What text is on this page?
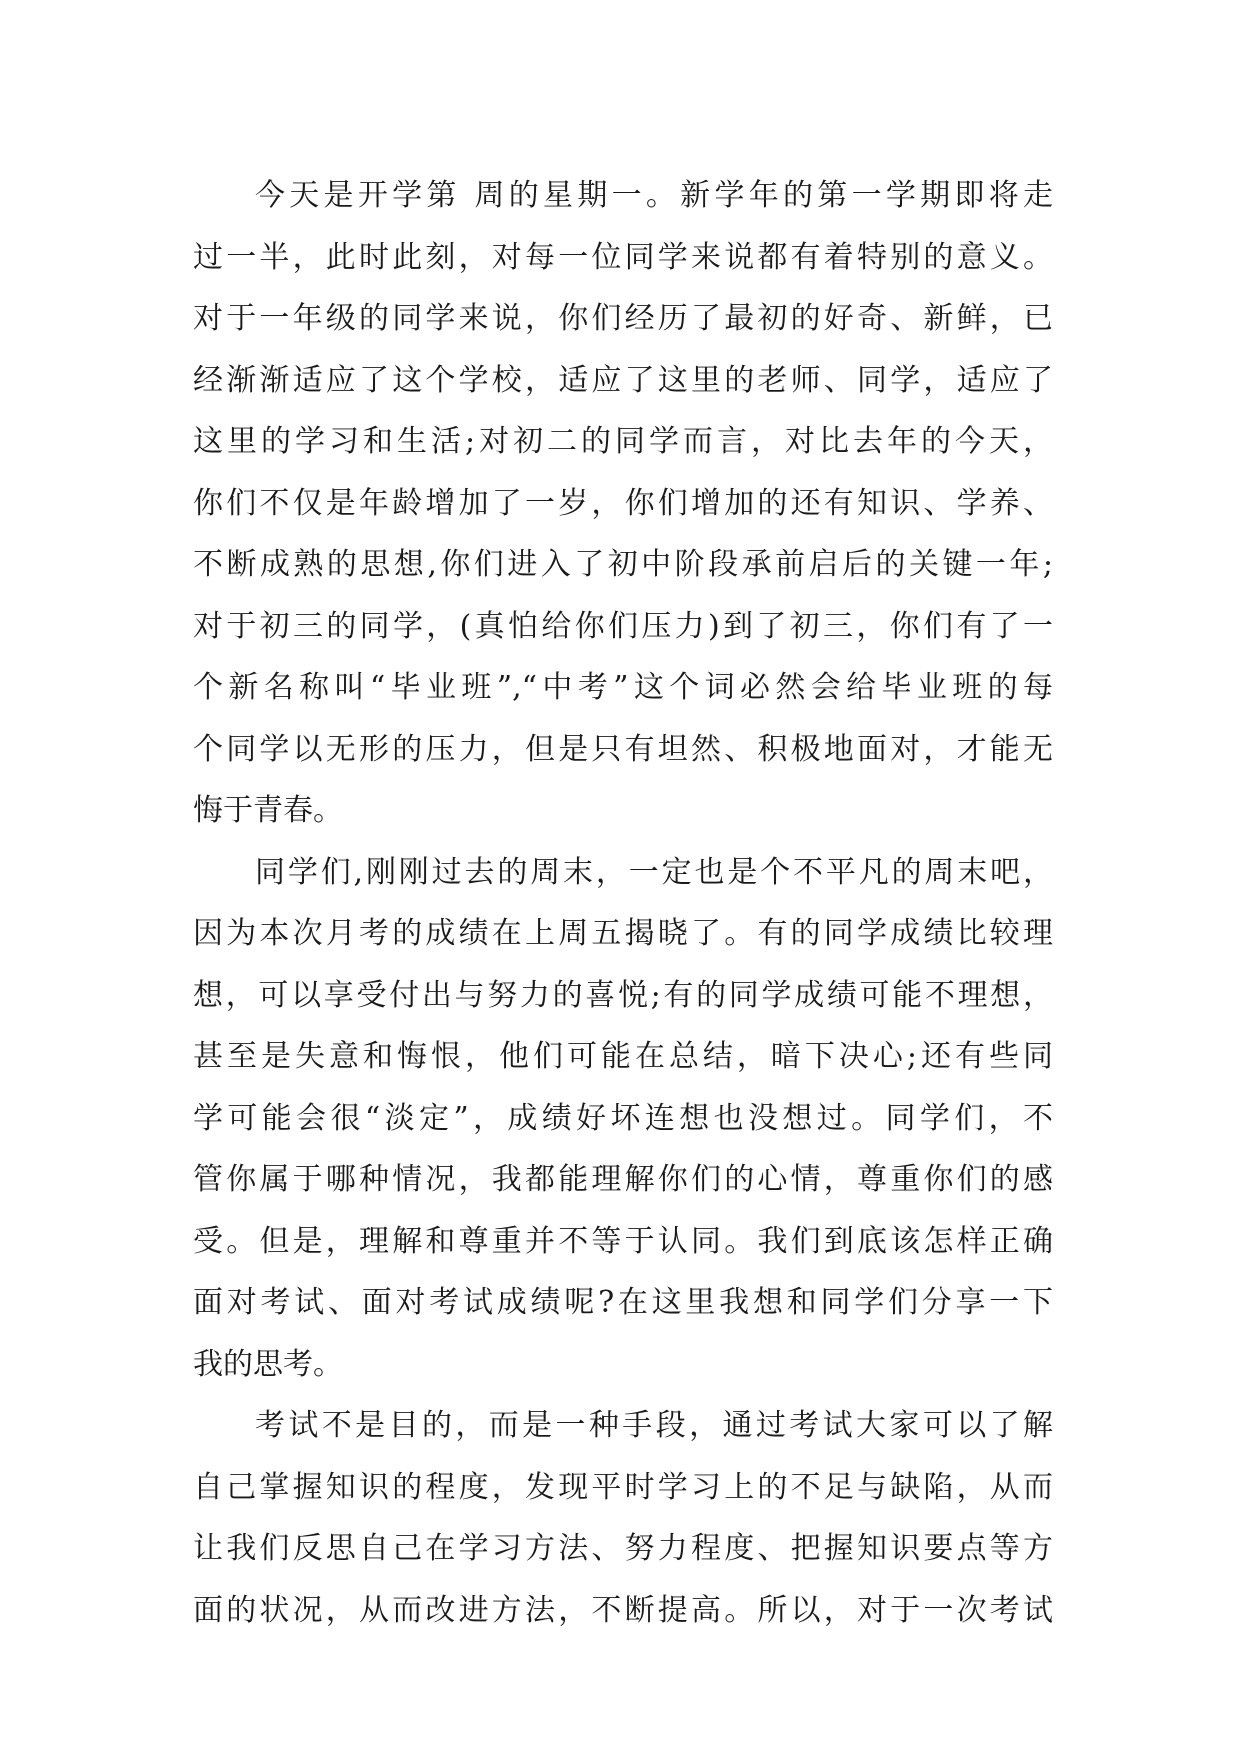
今天是开学第 周的星期一。新学年的第一学期即将走
过一半，此时此刻，对每一位同学来说都有着特别的意义。
对于一年级的同学来说，你们经历了最初的好奇、新鲜，已
经渐渐适应了这个学校，适应了这里的老师、同学，适应了
这里的学习和生活;对初二的同学而言，对比去年的今天，
你们不仅是年龄增加了一岁，你们增加的还有知识、学养、
不断成熟的思想,你们进入了初中阶段承前启后的关键一年;
对于初三的同学，(真怕给你们压力)到了初三，你们有了一
个新名称叫“毕业班”,“中考”这个词必然会给毕业班的每
个同学以无形的压力，但是只有坦然、积极地面对，才能无
悔于青春。
同学们,刚刚过去的周末，一定也是个不平凡的周末吧，
因为本次月考的成绩在上周五揭晓了。有的同学成绩比较理
想，可以享受付出与努力的喜悦;有的同学成绩可能不理想，
甚至是失意和悔恨，他们可能在总结，暗下决心;还有些同
学可能会很“淡定”，成绩好坏连想也没想过。同学们，不
管你属于哪种情况，我都能理解你们的心情，尊重你们的感
受。但是，理解和尊重并不等于认同。我们到底该怎样正确
面对考试、面对考试成绩呢?在这里我想和同学们分享一下
我的思考。
考试不是目的，而是一种手段，通过考试大家可以了解
自己掌握知识的程度，发现平时学习上的不足与缺陷，从而
让我们反思自己在学习方法、努力程度、把握知识要点等方
面的状况，从而改进方法，不断提高。所以，对于一次考试
